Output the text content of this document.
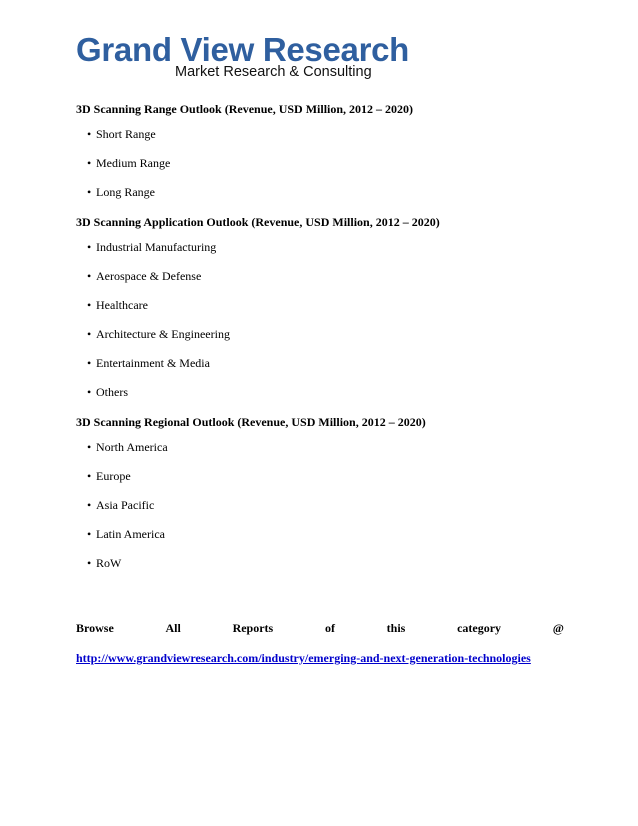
Grand View Research
Market Research & Consulting
3D Scanning Range Outlook (Revenue, USD Million, 2012 – 2020)
• Short Range
• Medium Range
• Long Range
3D Scanning Application Outlook (Revenue, USD Million, 2012 – 2020)
• Industrial Manufacturing
• Aerospace & Defense
• Healthcare
• Architecture & Engineering
• Entertainment & Media
• Others
3D Scanning Regional Outlook (Revenue, USD Million, 2012 – 2020)
• North America
• Europe
• Asia Pacific
• Latin America
• RoW
Browse	All	Reports	of	this	category	@
http://www.grandviewresearch.com/industry/emerging-and-next-generation-technologies
